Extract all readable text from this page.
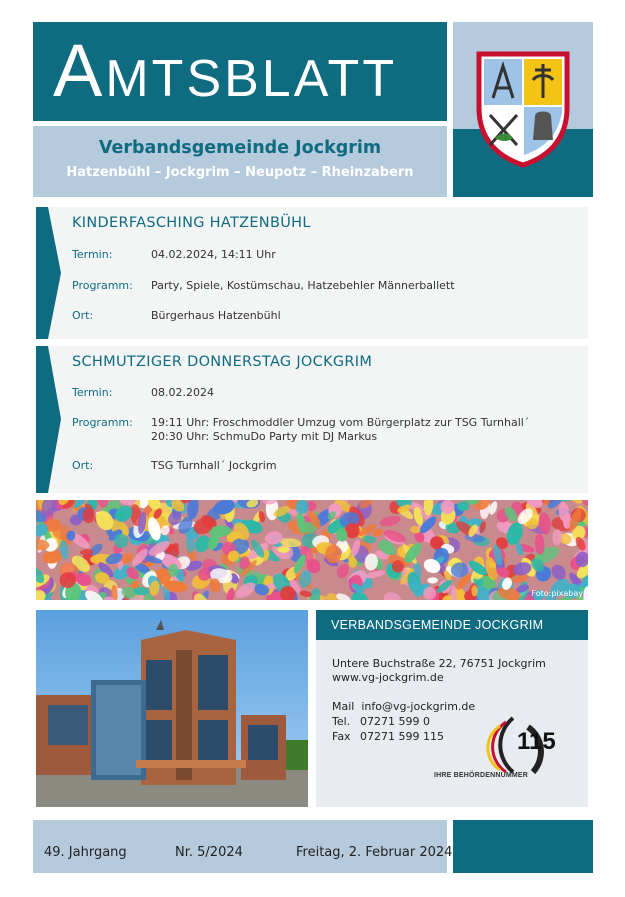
AMTSBLATT
Verbandsgemeinde Jockgrim
Hatzenbühl – Jockgrim – Neupotz – Rheinzabern
KINDERFASCHING HATZENBÜHL
Termin:	04.02.2024, 14:11 Uhr
Programm:	Party, Spiele, Kostümschau, Hatzebehler Männerballett
Ort:	Bürgerhaus Hatzenbühl
SCHMUTZIGER DONNERSTAG JOCKGRIM
Termin:	08.02.2024
Programm:	19:11 Uhr: Froschmoddler Umzug vom Bürgerplatz zur TSG Turnhall´
20:30 Uhr: SchmuDo Party mit DJ Markus
Ort:	TSG Turnhall´ Jockgrim
Foto:pixabay
VERBANDSGEMEINDE JOCKGRIM
Untere Buchstraße 22, 76751 Jockgrim
www.vg-jockgrim.de
Mail info@vg-jockgrim.de
Tel. 07271 599 0
Fax 07271 599 115	115
IHRE BEHÖRDENNUMMER
49. Jahrgang	Nr. 5/2024	Freitag, 2. Februar 2024
